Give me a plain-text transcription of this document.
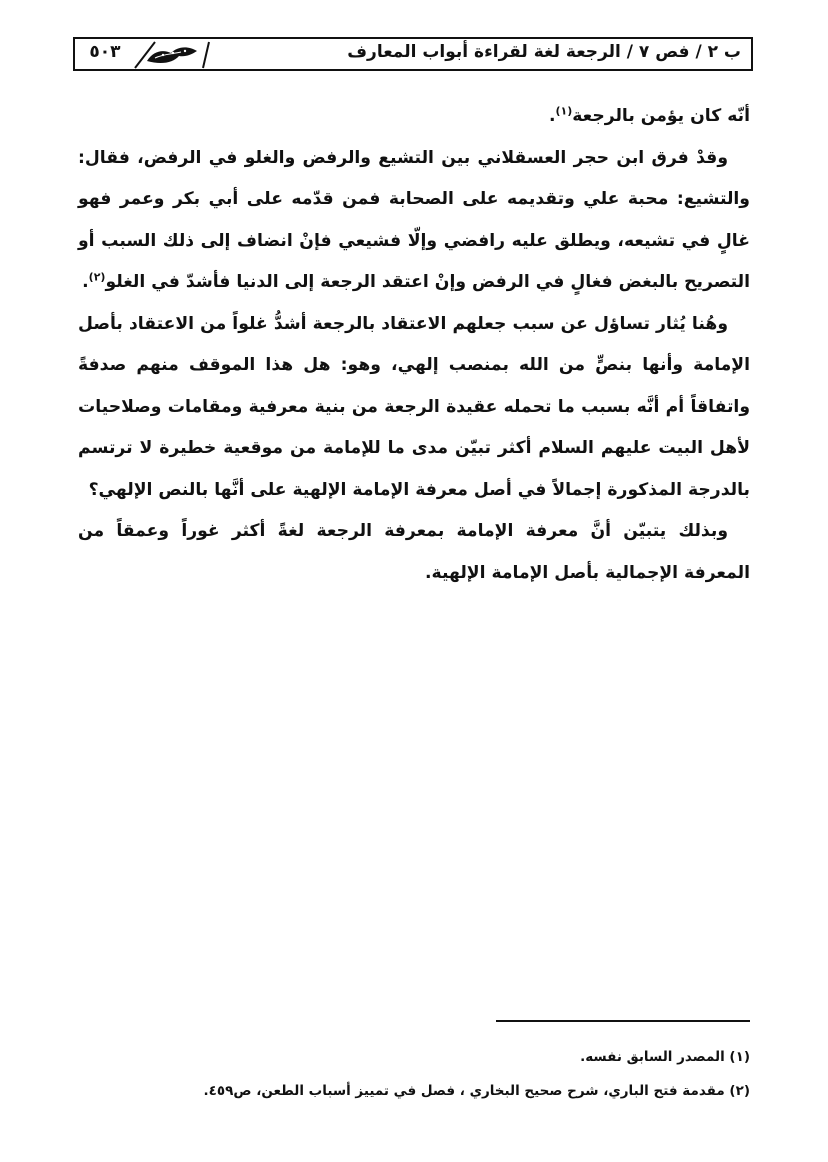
٥٠٣	ب ٢ / فص ٧ / الرجعة لغة لقراءة أبواب المعارف

أنّه كان يؤمن بالرجعة$^{(١)}$.

وقدْ فرق ابن حجر العسقلاني بين التشيع والرفض والغلو في الرفض، فقال: والتشيع: محبة علي وتقديمه على الصحابة فمن قدّمه على أبي بكر وعمر فهو غالٍ في تشيعه، ويطلق عليه رافضي وإلّا فشيعي فإنْ انضاف إلى ذلك السبب أو التصريح بالبغض فغالٍ في الرفض وإنْ اعتقد الرجعة إلى الدنيا فأشدّ في الغلو$^{(٢)}$.

وهُنا يُثار تساؤل عن سبب جعلهم الاعتقاد بالرجعة أشدُّ غلواً من الاعتقاد بأصل الإمامة وأنها بنصٍّ من الله بمنصب إلهي، وهو: هل هذا الموقف منهم صدفةً واتفاقاً أم أنَّه بسبب ما تحمله عقيدة الرجعة من بنية معرفية ومقامات وصلاحيات لأهل البيت عليهم السلام أكثر تبيّن مدى ما للإمامة من موقعية خطيرة لا ترتسم بالدرجة المذكورة إجمالاً في أصل معرفة الإمامة الإلهية على أنَّها بالنص الإلهي؟

وبذلك يتبيّن أنَّ معرفة الإمامة بمعرفة الرجعة لغةً أكثر غوراً وعمقاً من المعرفة الإجمالية بأصل الإمامة الإلهية.

(١) المصدر السابق نفسه.

(٢) مقدمة فتح الباري، شرح صحيح البخاري ، فصل في تمييز أسباب الطعن، ص٤٥٩.
